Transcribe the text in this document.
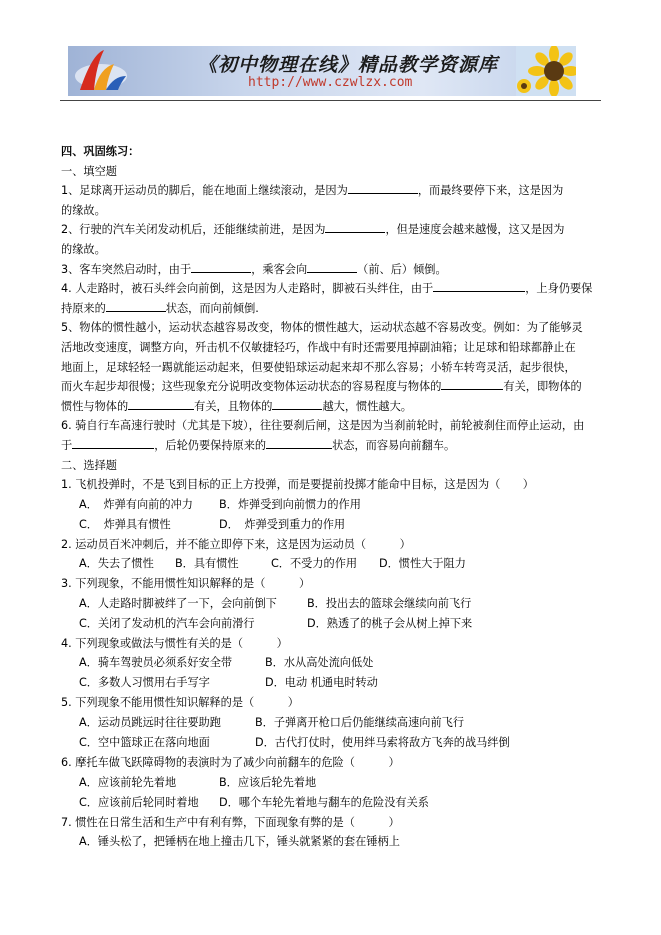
《初中物理在线》精品教学资源库
http://www.czwlzx.com
四、巩固练习：
一、填空题
1、足球离开运动员的脚后，能在地面上继续滚动，是因为	，而最终要停下来，这是因为
的缘故。
2、行驶的汽车关闭发动机后，还能继续前进，是因为	，但是速度会越来越慢，这又是因为
的缘故。
3、客车突然启动时，由于	，乘客会向	（前、后）倾倒。
4. 人走路时，被石头绊会向前倒，这是因为人走路时，脚被石头绊住，由于	，上身仍要保
持原来的	状态，而向前倾倒.
5、物体的惯性越小，运动状态越容易改变，物体的惯性越大，运动状态越不容易改变。例如：为了能够灵
活地改变速度，调整方向，歼击机不仅敏捷轻巧，作战中有时还需要甩掉副油箱；让足球和铅球都静止在
地面上，足球轻轻一踢就能运动起来，但要使铅球运动起来却不那么容易；小轿车转弯灵活，起步很快，
而火车起步却很慢；这些现象充分说明改变物体运动状态的容易程度与物体的	有关，即物体的
惯性与物体的	有关，且物体的	越大，惯性越大。
6. 骑自行车高速行驶时（尤其是下坡），往往要刹后闸，这是因为当刹前轮时，前轮被刹住而停止运动，由
于	，后轮仍要保持原来的	状态，而容易向前翻车。
二、选择题
1. 飞机投弹时，不是飞到目标的正上方投弹，而是要提前投掷才能命中目标，这是因为（　　）
A．　炸弹有向前的冲力 B．炸弹受到向前惯力的作用
C．　炸弹具有惯性	D．　炸弹受到重力的作用
2. 运动员百米冲刺后，并不能立即停下来，这是因为运动员（　　　）
A．失去了惯性 B．具有惯性	C．不受力的作用 D．惯性大于阻力
3. 下列现象，不能用惯性知识解释的是（　　　）
A．人走路时脚被绊了一下，会向前倒下	B．投出去的篮球会继续向前飞行
C．关闭了发动机的汽车会向前滑行	D．熟透了的桃子会从树上掉下来
4. 下列现象或做法与惯性有关的是（　　　）
A．骑车驾驶员必须系好安全带	B．水从高处流向低处
C．多数人习惯用右手写字	D．电动 机通电时转动
5. 下列现象不能用惯性知识解释的是（　　　）
A．运动员跳远时往往要助跑	B．子弹离开枪口后仍能继续高速向前飞行
C．空中篮球正在落向地面	D．古代打仗时，使用绊马索将敌方飞奔的战马绊倒
6. 摩托车做飞跃障碍物的表演时为了减少向前翻车的危险（　　　）
A．应该前轮先着地	B．应该后轮先着地
C．应该前后轮同时着地 D．哪个车轮先着地与翻车的危险没有关系
7. 惯性在日常生活和生产中有利有弊，下面现象有弊的是（　　　）
A．锤头松了，把锤柄在地上撞击几下，锤头就紧紧的套在锤柄上
